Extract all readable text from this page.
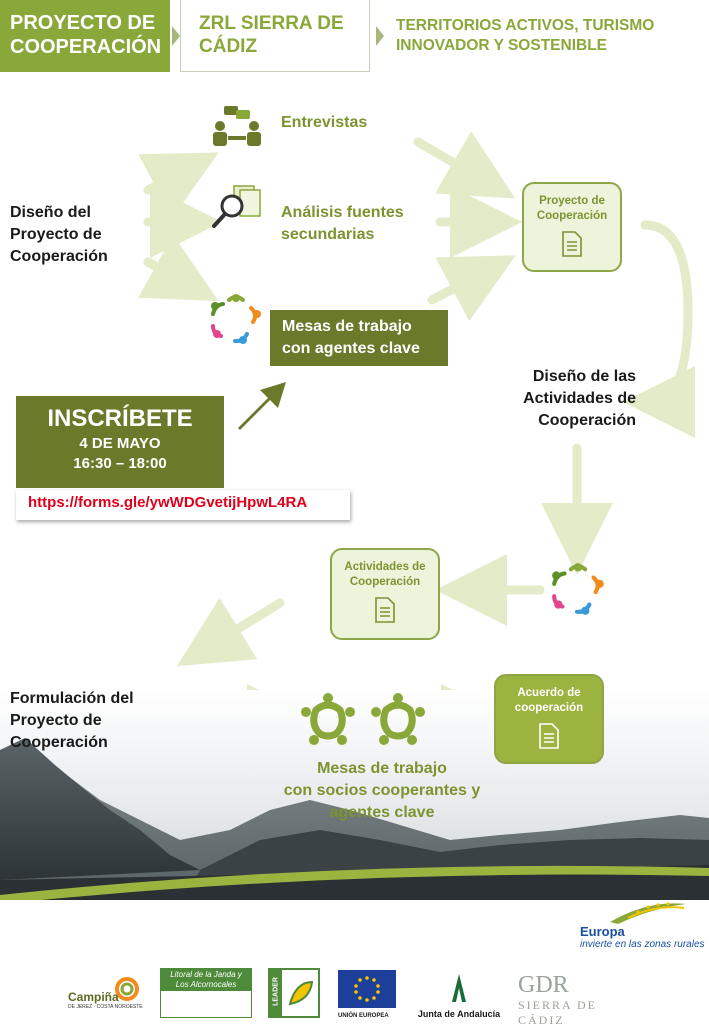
PROYECTO DE
COOPERACIÓN
ZRL SIERRA DE
CÁDIZ
TERRITORIOS ACTIVOS, TURISMO
INNOVADOR Y SOSTENIBLE
Diseño del
Proyecto de
Cooperación
Entrevistas
Análisis fuentes
secundarias
Mesas de trabajo
con agentes clave
Proyecto de
Cooperación
Diseño de las
Actividades de
Cooperación
INSCRÍBETE
4 DE MAYO
16:30 – 18:00
https://forms.gle/ywWDGvetijHpwL4RA
Actividades de
Cooperación
Formulación del
Proyecto de
Cooperación
Acuerdo de
cooperación
Mesas de trabajo
con socios cooperantes y
agentes clave
Europa
invierte en las zonas rurales
Campiña
DE JEREZ · COSTA NOROESTE
Litoral de la Janda y
Los Alcornocales	LEADER
UNIÓN EUROPEA	Junta de Andalucía
GDR
SIERRA DE CÁDIZ
